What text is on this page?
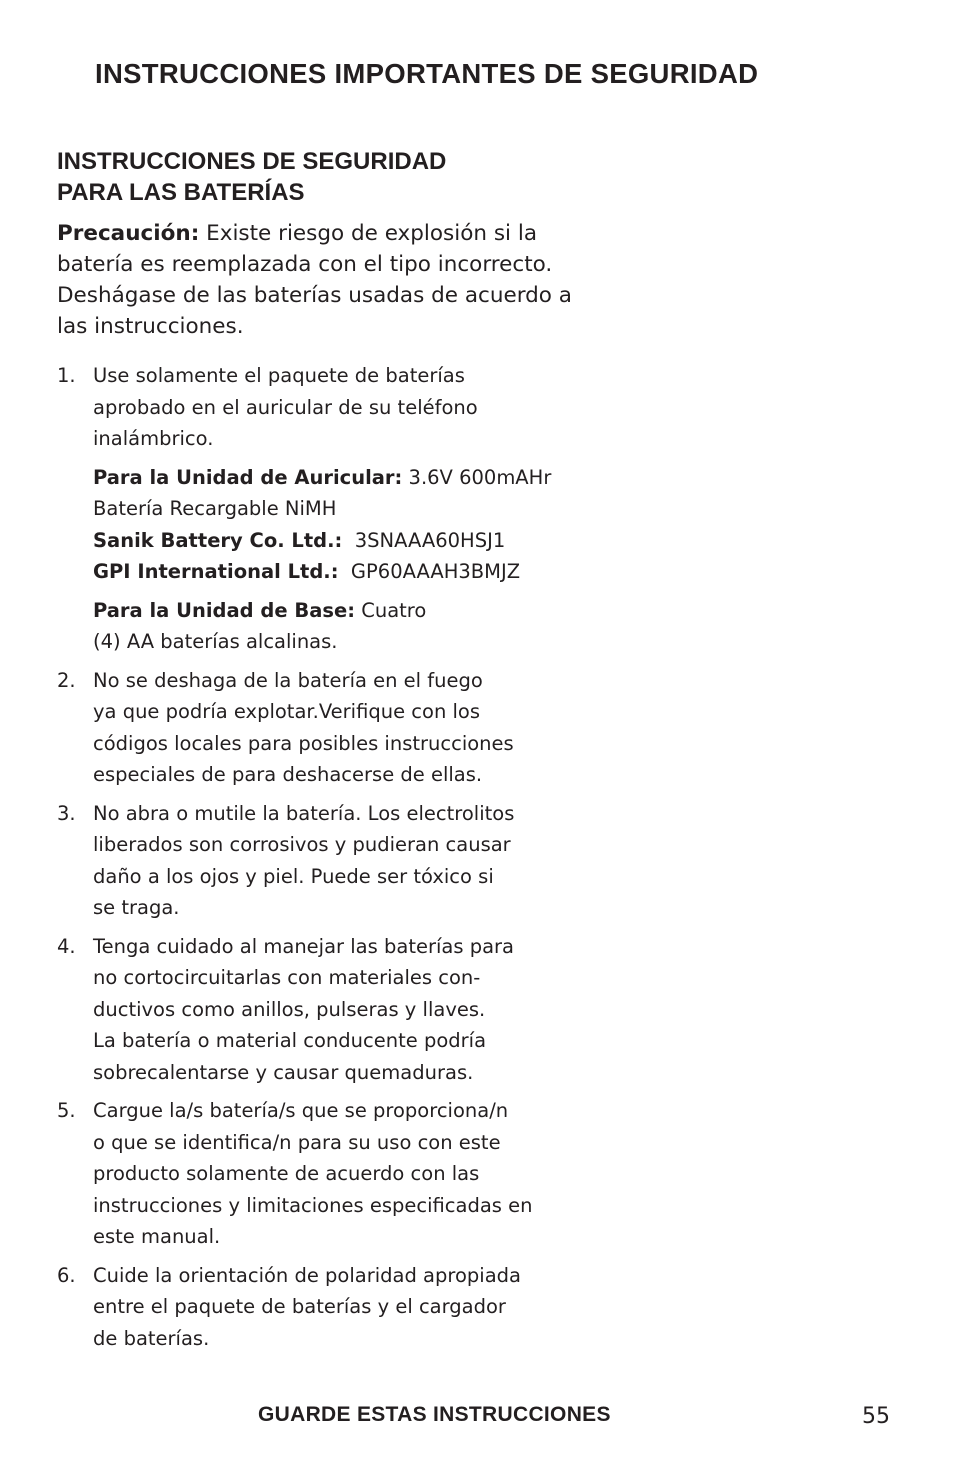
INSTRUCCIONES IMPORTANTES DE SEGURIDAD
INSTRUCCIONES DE SEGURIDAD
PARA LAS BATERÍAS

Precaución: Existe riesgo de explosión si la
batería es reemplazada con el tipo incorrecto.
Deshágase de las baterías usadas de acuerdo a
las instrucciones.

1. Use solamente el paquete de baterías
aprobado en el auricular de su teléfono
inalámbrico.
Para la Unidad de Auricular: 3.6V 600mAHr
Batería Recargable NiMH
Sanik Battery Co. Ltd.: 3SNAAA60HSJ1
GPI International Ltd.: GP60AAAH3BMJZ
Para la Unidad de Base: Cuatro
(4) AA baterías alcalinas.
2. No se deshaga de la batería en el fuego
ya que podría explotar.Verifique con los
códigos locales para posibles instrucciones
especiales de para deshacerse de ellas.
3. No abra o mutile la batería. Los electrolitos
liberados son corrosivos y pudieran causar
daño a los ojos y piel. Puede ser tóxico si
se traga.
4. Tenga cuidado al manejar las baterías para
no cortocircuitarlas con materiales con-
ductivos como anillos, pulseras y llaves.
La batería o material conducente podría
sobrecalentarse y causar quemaduras.
5. Cargue la/s batería/s que se proporciona/n
o que se identifica/n para su uso con este
producto solamente de acuerdo con las
instrucciones y limitaciones especificadas en
este manual.
6. Cuide la orientación de polaridad apropiada
entre el paquete de baterías y el cargador
de baterías.
GUARDE ESTAS INSTRUCCIONES	55
